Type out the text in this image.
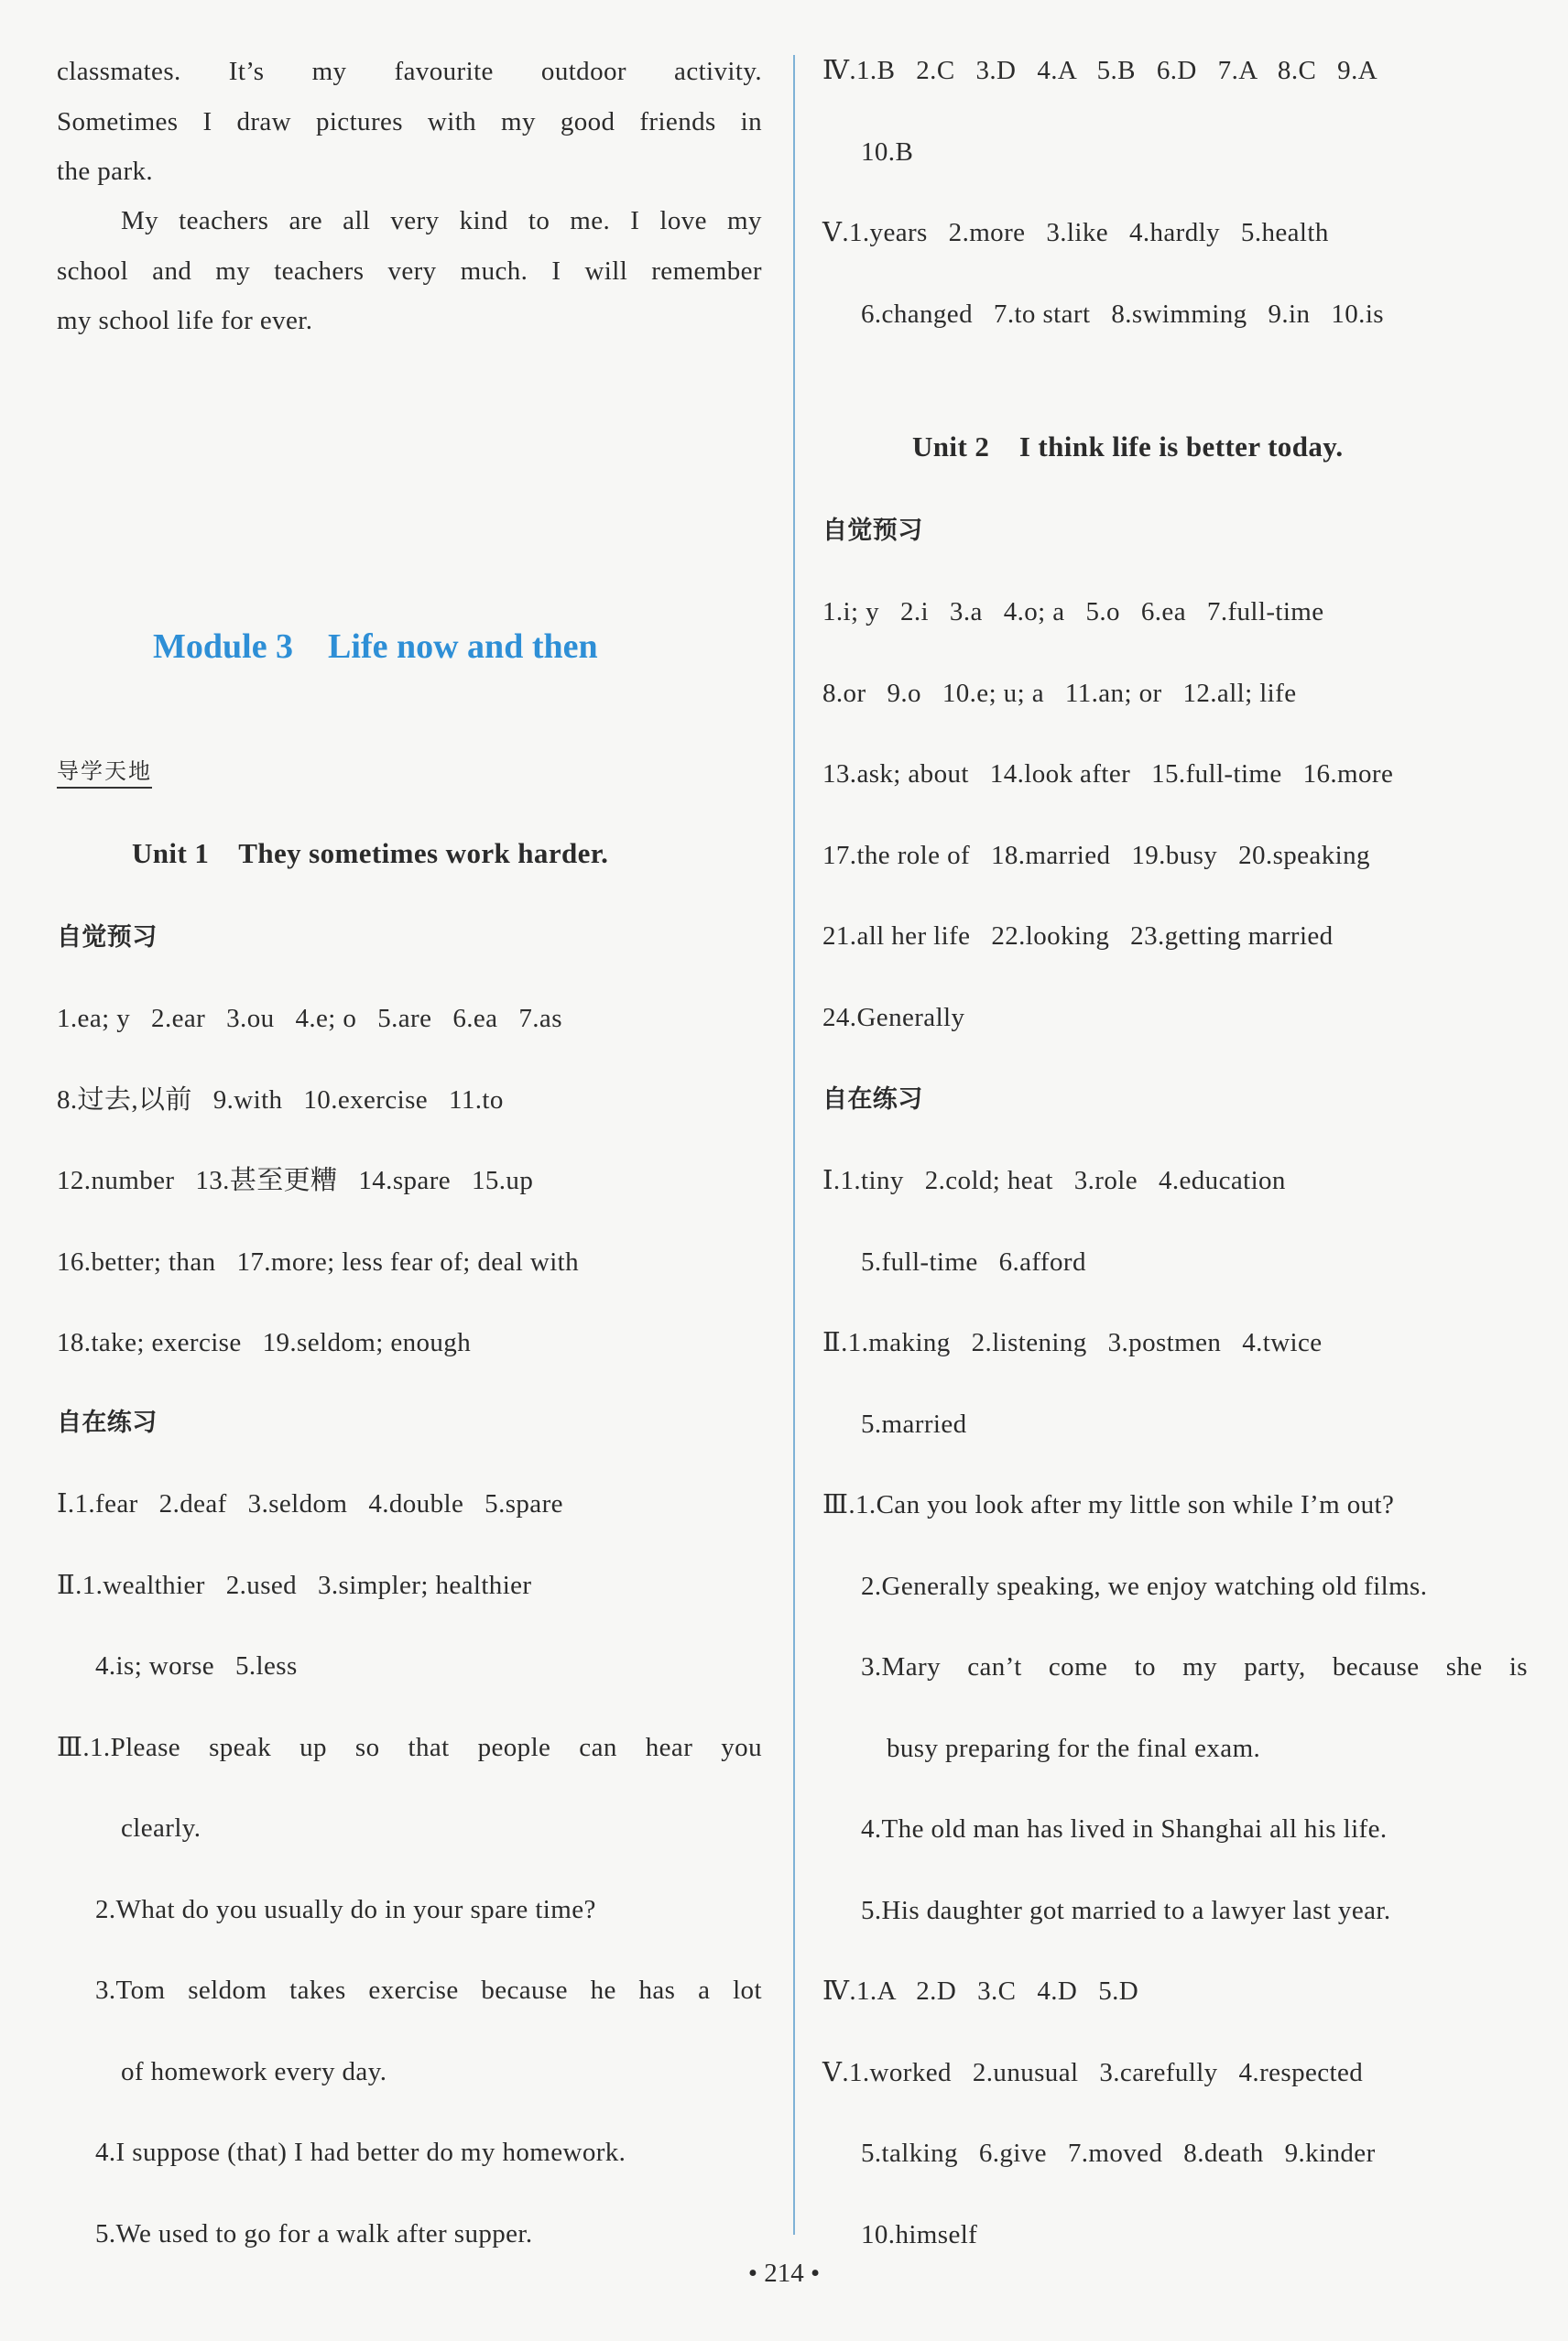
classmates. It’s my favourite outdoor activity.
Sometimes I draw pictures with my good friends in
the park.
My teachers are all very kind to me. I love my
school and my teachers very much. I will remember
my school life for ever.
Module 3    Life now and then
导学天地
Unit 1    They sometimes work harder.
自觉预习
1.ea; y   2.ear   3.ou   4.e; o   5.are   6.ea   7.as
8.过去,以前   9.with   10.exercise   11.to
12.number   13.甚至更糟   14.spare   15.up
16.better; than   17.more; less fear of; deal with
18.take; exercise   19.seldom; enough
自在练习
Ⅰ.1.fear   2.deaf   3.seldom   4.double   5.spare
Ⅱ.1.wealthier   2.used   3.simpler; healthier
4.is; worse   5.less
Ⅲ.1.Please speak up so that people can hear you
clearly.
2.What do you usually do in your spare time?
3.Tom seldom takes exercise because he has a lot
of homework every day.
4.I suppose (that) I had better do my homework.
5.We used to go for a walk after supper.
Ⅳ.1.B   2.C   3.D   4.A   5.B   6.D   7.A   8.C   9.A
10.B
Ⅴ.1.years   2.more   3.like   4.hardly   5.health
6.changed   7.to start   8.swimming   9.in   10.is
Unit 2    I think life is better today.
自觉预习
1.i; y   2.i   3.a   4.o; a   5.o   6.ea   7.full-time
8.or   9.o   10.e; u; a   11.an; or   12.all; life
13.ask; about   14.look after   15.full-time   16.more
17.the role of   18.married   19.busy   20.speaking
21.all her life   22.looking   23.getting married
24.Generally
自在练习
Ⅰ.1.tiny   2.cold; heat   3.role   4.education
5.full-time   6.afford
Ⅱ.1.making   2.listening   3.postmen   4.twice
5.married
Ⅲ.1.Can you look after my little son while I’m out?
2.Generally speaking, we enjoy watching old films.
3.Mary can’t come to my party, because she is
busy preparing for the final exam.
4.The old man has lived in Shanghai all his life.
5.His daughter got married to a lawyer last year.
Ⅳ.1.A   2.D   3.C   4.D   5.D
Ⅴ.1.worked   2.unusual   3.carefully   4.respected
5.talking   6.give   7.moved   8.death   9.kinder
10.himself
• 214 •
